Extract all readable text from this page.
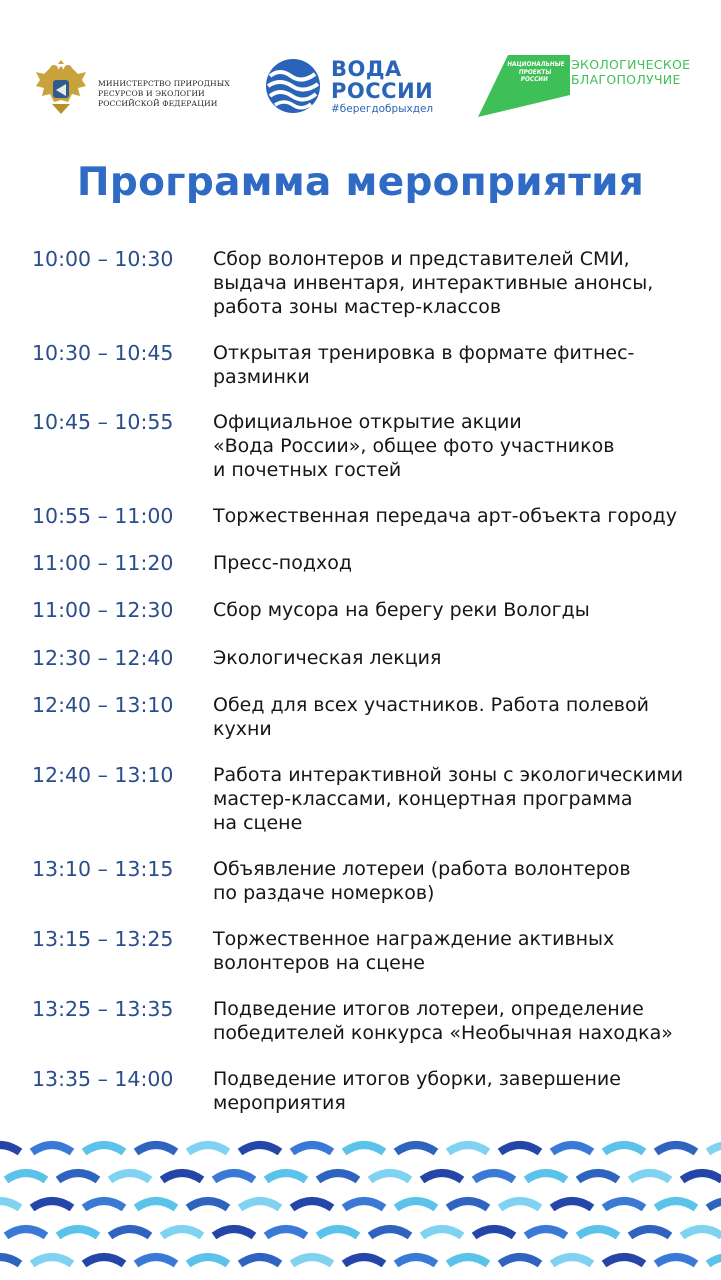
МИНИСТЕРСТВО ПРИРОДНЫХ
РЕСУРСОВ И ЭКОЛОГИИ
РОССИЙСКОЙ ФЕДЕРАЦИИ
ВОДА
РОССИИ
#берегдобрыхдел
НАЦИОНАЛЬНЫЕ
ПРОЕКТЫ
РОССИИ
ЭКОЛОГИЧЕСКОЕ
БЛАГОПОЛУЧИЕ
Программа мероприятия
10:00 – 10:30	Сбор волонтеров и представителей СМИ,
выдача инвентаря, интерактивные анонсы,
работа зоны мастер-классов
10:30 – 10:45	Открытая тренировка в формате фитнес-
разминки
10:45 – 10:55	Официальное открытие акции
«Вода России», общее фото участников
и почетных гостей
10:55 – 11:00	Торжественная передача арт-объекта городу
11:00 – 11:20	Пресс-подход
11:00 – 12:30	Сбор мусора на берегу реки Вологды
12:30 – 12:40	Экологическая лекция
12:40 – 13:10	Обед для всех участников. Работа полевой
кухни
12:40 – 13:10	Работа интерактивной зоны с экологическими
мастер-классами, концертная программа
на сцене
13:10 – 13:15	Объявление лотереи (работа волонтеров
по раздаче номерков)
13:15 – 13:25	Торжественное награждение активных
волонтеров на сцене
13:25 – 13:35	Подведение итогов лотереи, определение
победителей конкурса «Необычная находка»
13:35 – 14:00	Подведение итогов уборки, завершение
мероприятия
